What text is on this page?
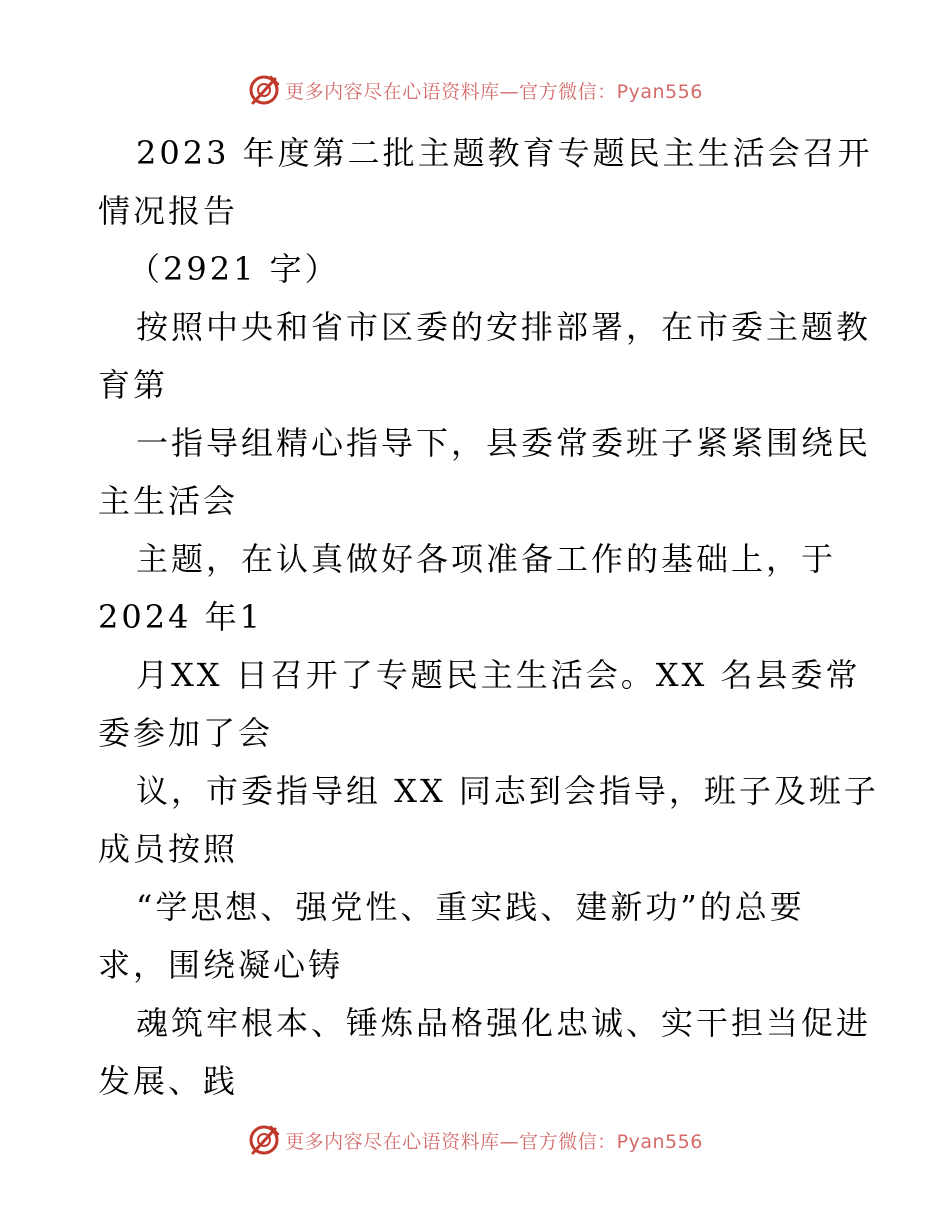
更多内容尽在心语资料库—官方微信：Pyan556
2023 年度第二批主题教育专题民主生活会召开
情况报告
（2921 字）
按照中央和省市区委的安排部署，在市委主题教
育第
一指导组精心指导下，县委常委班子紧紧围绕民
主生活会
主题，在认真做好各项准备工作的基础上，于
2024 年1
月XX 日召开了专题民主生活会。XX 名县委常
委参加了会
议，市委指导组 XX 同志到会指导，班子及班子
成员按照
“学思想、强党性、重实践、建新功”的总要
求，围绕凝心铸
魂筑牢根本、锤炼品格强化忠诚、实干担当促进
发展、践
更多内容尽在心语资料库—官方微信：Pyan556
